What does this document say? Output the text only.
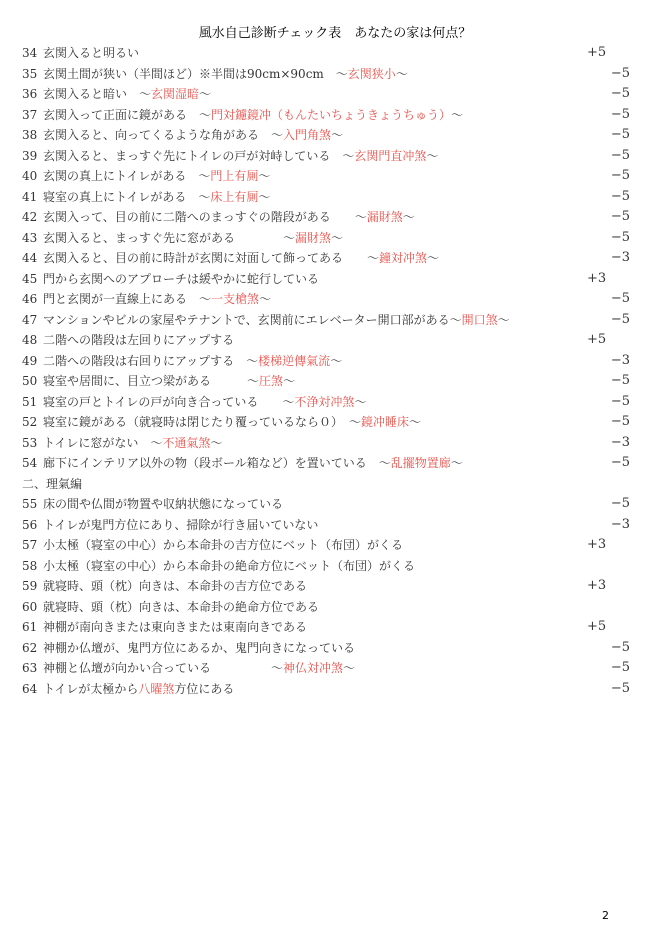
風水自己診断チェック表　あなたの家は何点？
34 玄関入ると明るい	+5
35 玄関土間が狭い（半間ほど）※半間は90cm×90cm　～玄関狭小～	−5
36 玄関入ると暗い　～玄関湿暗～	−5
37 玄関入って正面に鏡がある　～門対鑢鏡冲（もんたいちょうきょうちゅう）～	−5
38 玄関入ると、向ってくるような角がある　～入門角煞～	−5
39 玄関入ると、まっすぐ先にトイレの戸が対峙している　～玄関門直冲煞～	−5
40 玄関の真上にトイレがある　～門上有厠～	−5
41 寝室の真上にトイレがある　～床上有厠～	−5
42 玄関入って、目の前に二階へのまっすぐの階段がある ～漏財煞～	−5
43 玄関入ると、まっすぐ先に窓がある	～漏財煞～	−5
44 玄関入ると、目の前に時計が玄関に対面して飾ってある ～鐘対冲煞～	−3
45 門から玄関へのアプローチは緩やかに蛇行している	+3
46 門と玄関が一直線上にある　～一支槍煞～	−5
47 マンションやビルの家屋やテナントで、玄関前にエレベーター開口部がある～開口煞～	−5
48 二階への階段は左回りにアップする	+5
49 二階への階段は右回りにアップする　～楼梯逆傳氣流～	−3
50 寝室や居間に、目立つ梁がある	～圧煞～	−5
51 寝室の戸とトイレの戸が向き合っている ～不浄対冲煞～	−5
52 寝室に鏡がある（就寝時は閉じたり覆っているなら０）　～鏡冲睡床～	−5
53 トイレに窓がない　～不通氣煞～	−3
54 廊下にインテリア以外の物（段ボール箱など）を置いている　～乱擺物置廊～	−5
二、理氣編
55 床の間や仏間が物置や収納状態になっている	−5
56 トイレが鬼門方位にあり、掃除が行き届いていない	−3
57 小太極（寝室の中心）から本命卦の吉方位にベット（布団）がくる	+3
58 小太極（寝室の中心）から本命卦の絶命方位にベット（布団）がくる
59 就寝時、頭（枕）向きは、本命卦の吉方位である	+3
60 就寝時、頭（枕）向きは、本命卦の絶命方位である
61 神棚が南向きまたは東向きまたは東南向きである	+5
62 神棚か仏壇が、鬼門方位にあるか、鬼門向きになっている	−5
63 神棚と仏壇が向かい合っている	～神仏対冲煞～	−5
64 トイレが太極から八曜煞方位にある	−5
2
